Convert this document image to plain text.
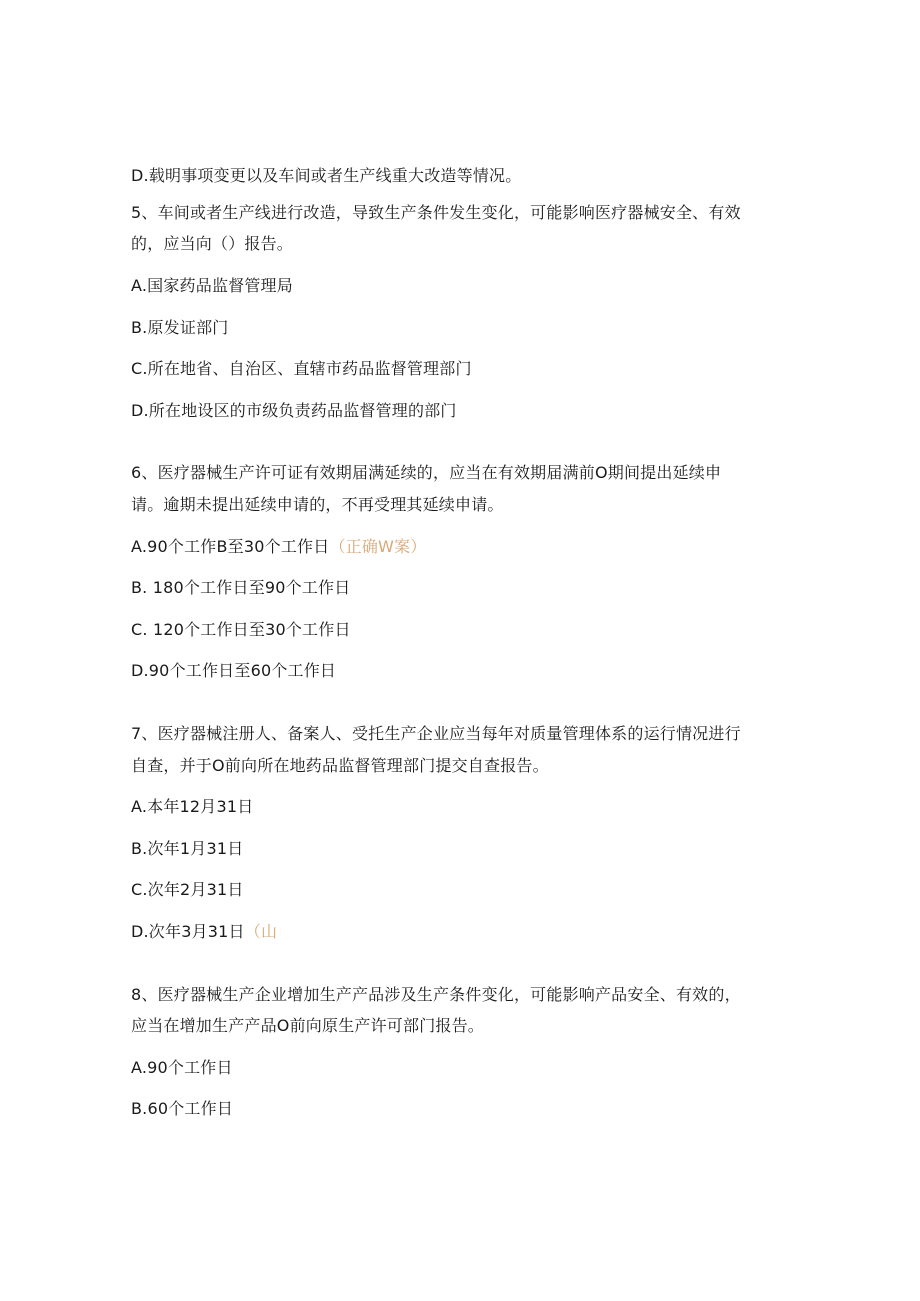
D.载明事项变更以及车间或者生产线重大改造等情况。
5、车间或者生产线进行改造，导致生产条件发生变化，可能影响医疗器械安全、有效
的，应当向（）报告。
A.国家药品监督管理局
B.原发证部门
C.所在地省、自治区、直辖市药品监督管理部门
D.所在地设区的市级负责药品监督管理的部门
6、医疗器械生产许可证有效期届满延续的，应当在有效期届满前O期间提出延续申
请。逾期未提出延续申请的，不再受理其延续申请。
A.90个工作B至30个工作日（正确W案）
B. 180个工作日至90个工作日
C. 120个工作日至30个工作日
D.90个工作日至60个工作日
7、医疗器械注册人、备案人、受托生产企业应当每年对质量管理体系的运行情况进行
自查，并于O前向所在地药品监督管理部门提交自查报告。
A.本年12月31日
B.次年1月31日
C.次年2月31日
D.次年3月31日（山
8、医疗器械生产企业增加生产产品涉及生产条件变化，可能影响产品安全、有效的，
应当在增加生产产品O前向原生产许可部门报告。
A.90个工作日
B.60个工作日
